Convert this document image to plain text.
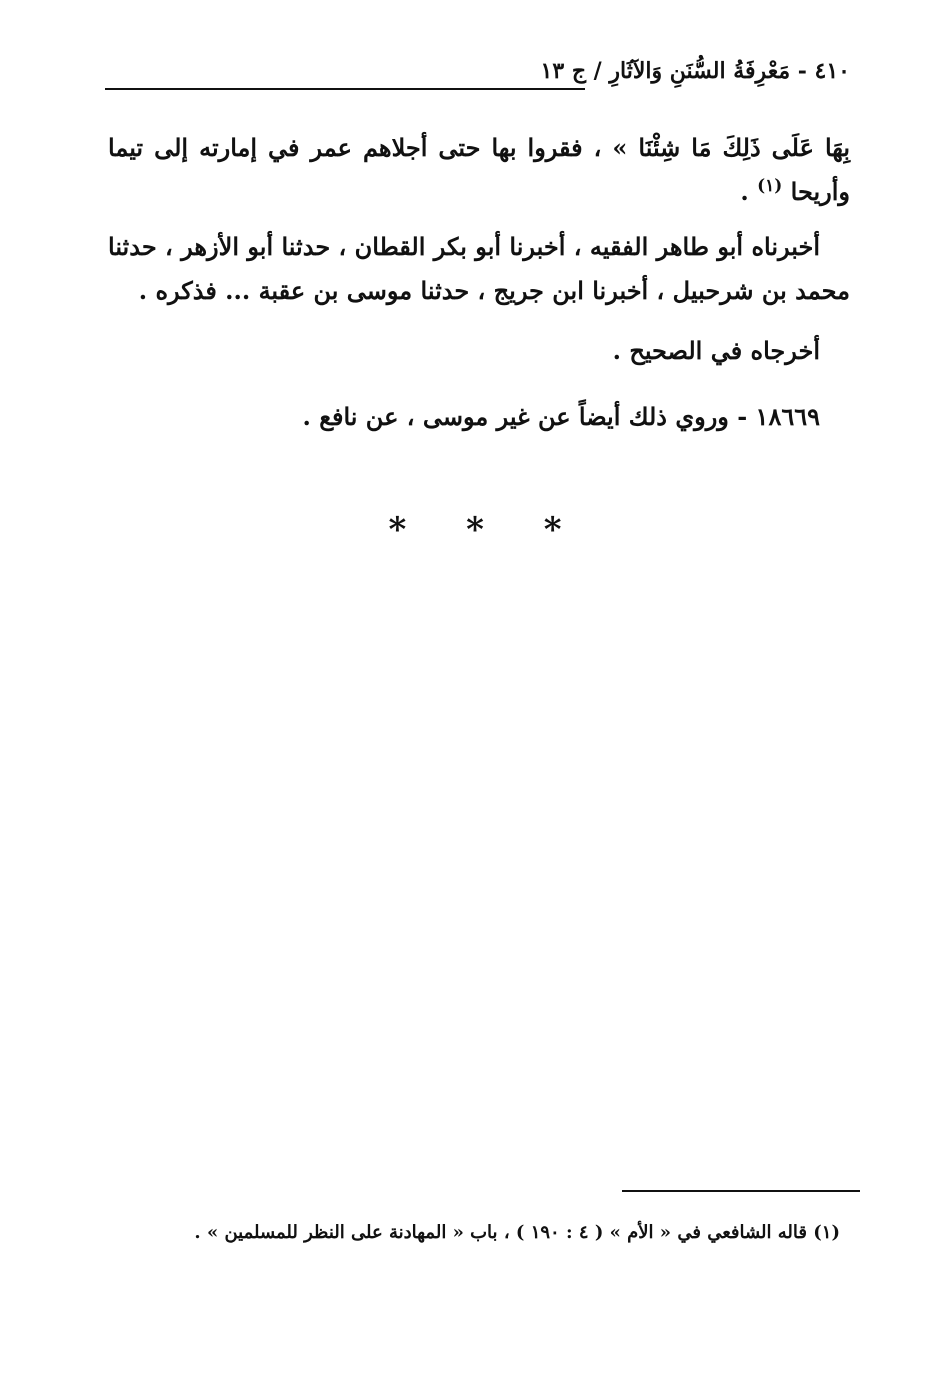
٤١٠ - مَعْرِفَةُ السُّنَنِ وَالآثَارِ / ج ١٣
بِهَا عَلَى ذَلِكَ مَا شِئْنَا » ، فقروا بها حتى أجلاهم عمر في إمارته إلى تيما وأريحا $^{(١)}$ .
أخبرناه أبو طاهر الفقيه ، أخبرنا أبو بكر القطان ، حدثنا أبو الأزهر ، حدثنا محمد بن شرحبيل ، أخبرنا ابن جريج ، حدثنا موسى بن عقبة ... فذكره .
أخرجاه في الصحيح .
١٨٦٦٩ - وروي ذلك أيضاً عن غير موسى ، عن نافع .
* * *
(١) قاله الشافعي في « الأم » ( ٤ : ١٩٠ ) ، باب « المهادنة على النظر للمسلمين » .
